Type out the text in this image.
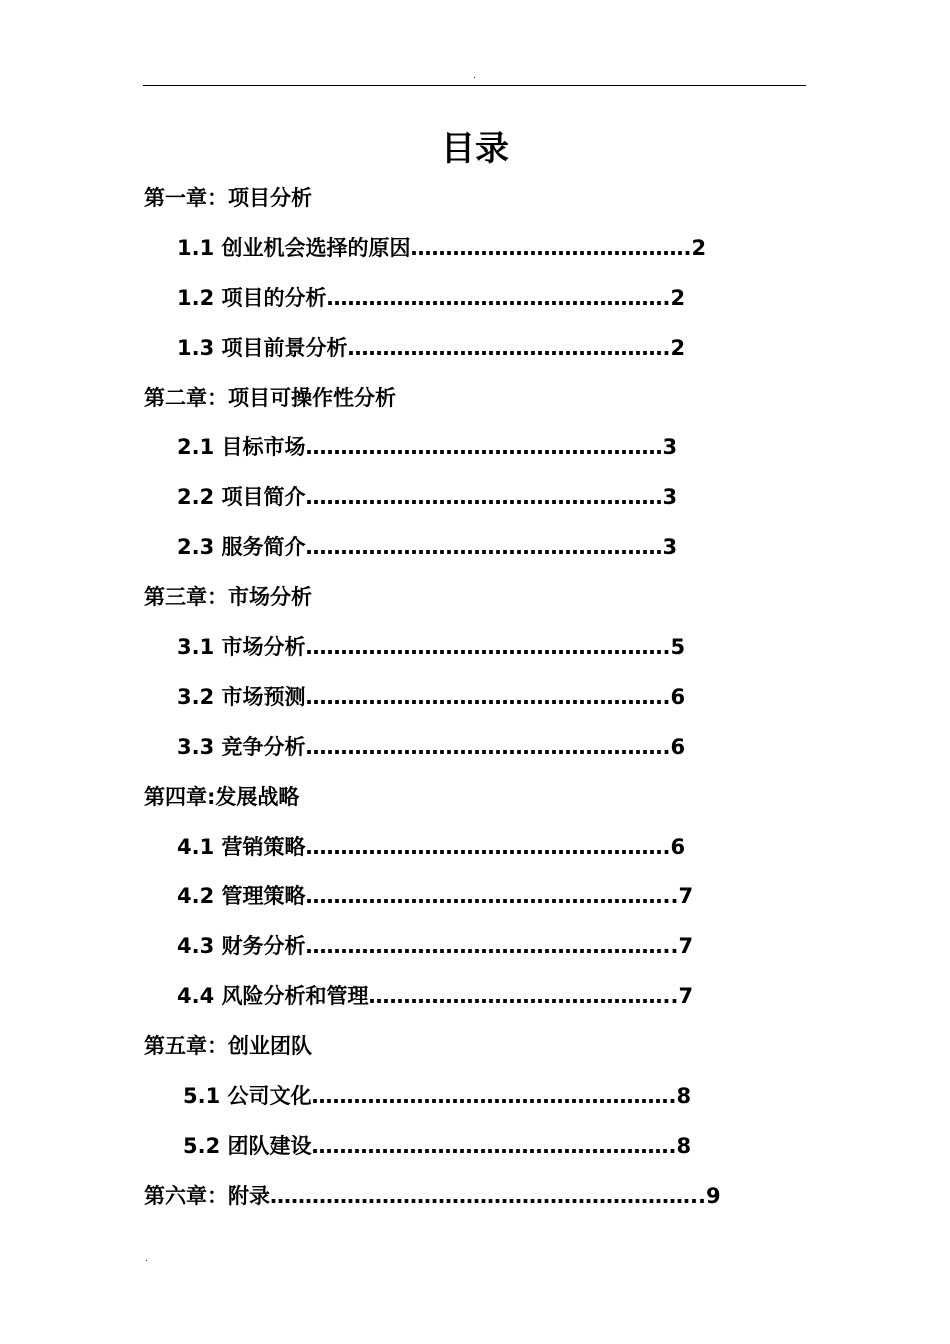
.
目录
第一章：项目分析
1.1 创业机会选择的原因………………………………….2
1.2 项目的分析………………………………………….2
1.3 项目前景分析……………………………………….2
第二章：项目可操作性分析
2.1 目标市场……………………………………………3
2.2 项目简介……………………………………………3
2.3 服务简介……………………………………………3
第三章：市场分析
3.1 市场分析…………………………………………….5
3.2 市场预测…………………………………………….6
3.3 竞争分析…………………………………………….6
第四章:发展战略
4.1 营销策略…………………………………………….6
4.2 管理策略……………………………………………..7
4.3 财务分析……………………………………………..7
4.4 风险分析和管理……………………………………..7
第五章：创业团队
5.1 公司文化…………………………………………….8
5.2 团队建设…………………………………………….8
第六章：附录……………………………………………………..9
.
